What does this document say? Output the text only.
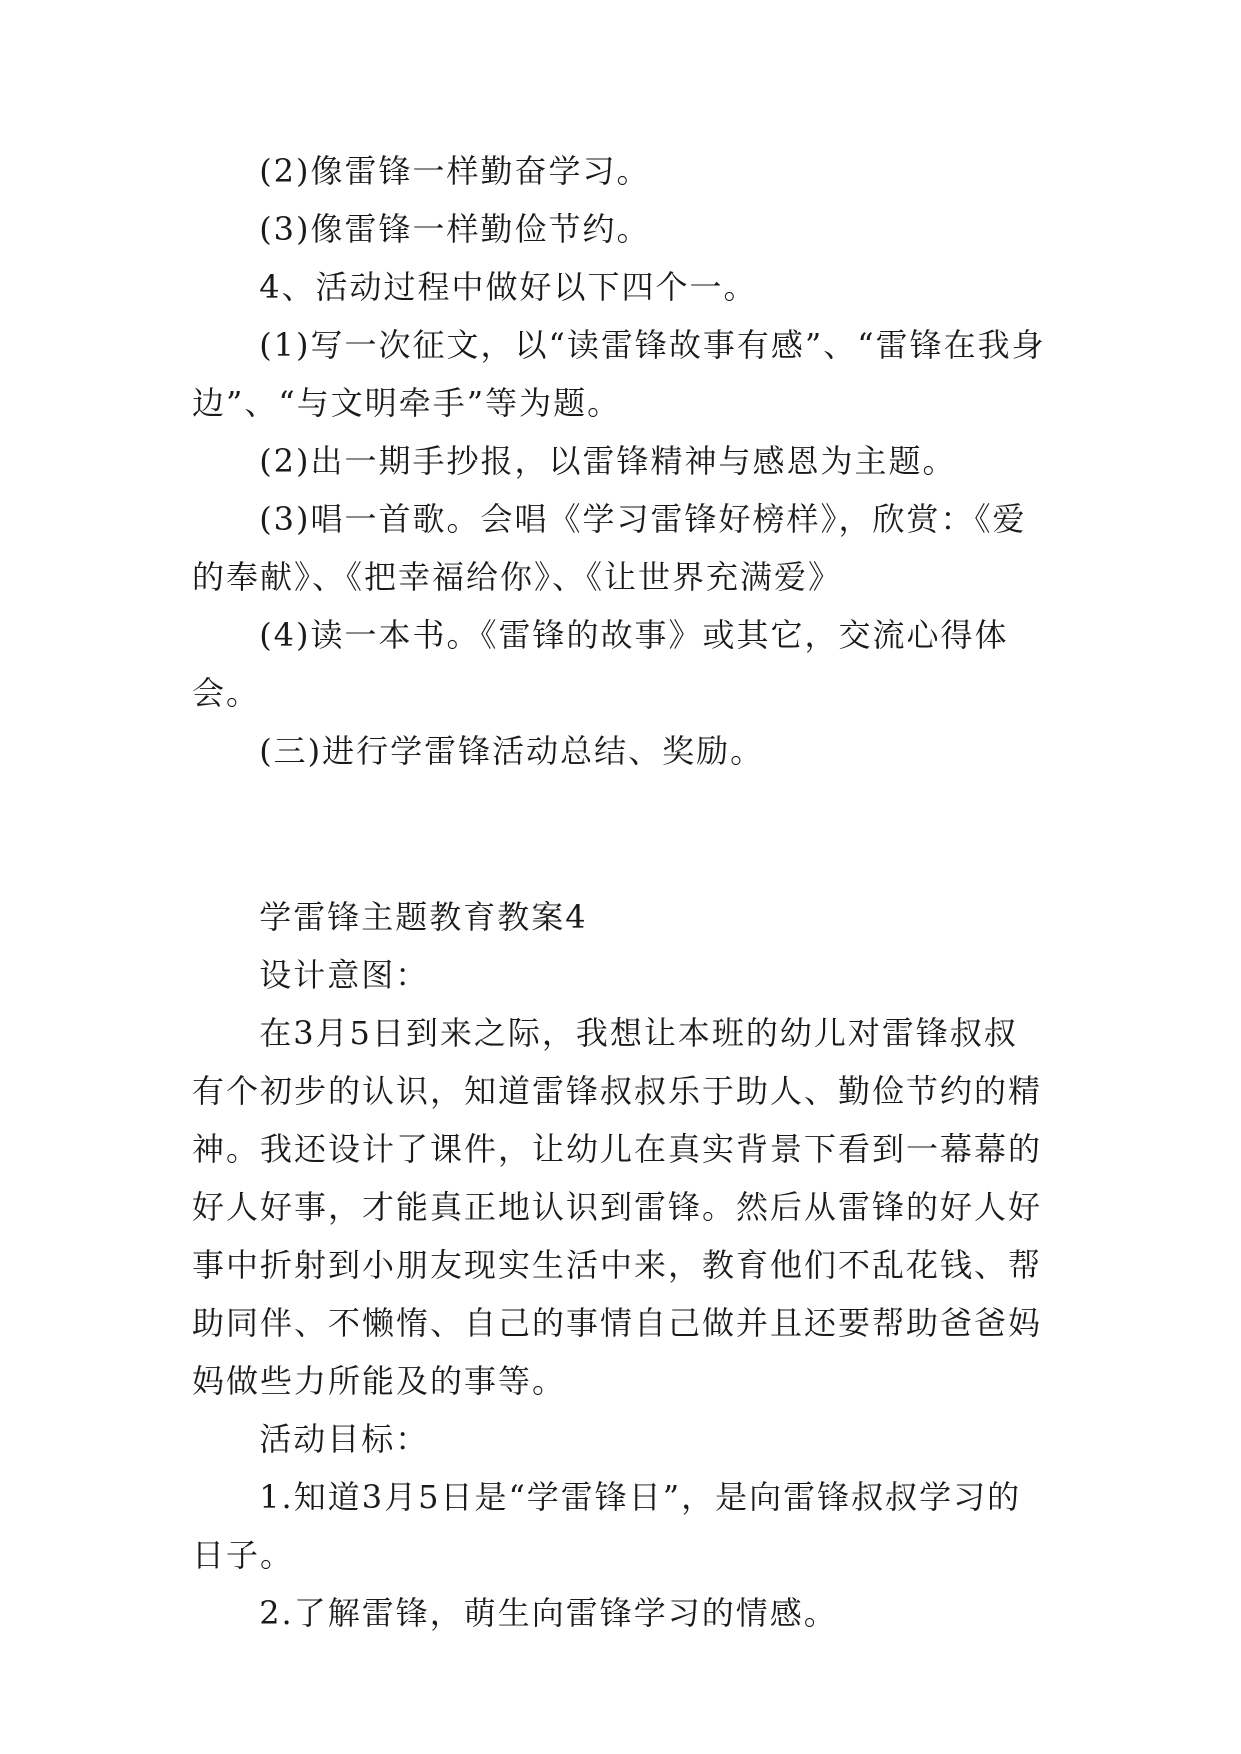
(2)像雷锋一样勤奋学习。

(3)像雷锋一样勤俭节约。

4、活动过程中做好以下四个一。

(1)写一次征文，以“读雷锋故事有感”、“雷锋在我身边”、“与文明牵手”等为题。

(2)出一期手抄报，以雷锋精神与感恩为主题。

(3)唱一首歌。会唱《学习雷锋好榜样》，欣赏：《爱的奉献》、《把幸福给你》、《让世界充满爱》

(4)读一本书。《雷锋的故事》或其它，交流心得体会。

(三)进行学雷锋活动总结、奖励。

学雷锋主题教育教案4

设计意图：

在3月5日到来之际，我想让本班的幼儿对雷锋叔叔有个初步的认识，知道雷锋叔叔乐于助人、勤俭节约的精神。我还设计了课件，让幼儿在真实背景下看到一幕幕的好人好事，才能真正地认识到雷锋。然后从雷锋的好人好事中折射到小朋友现实生活中来，教育他们不乱花钱、帮助同伴、不懒惰、自己的事情自己做并且还要帮助爸爸妈妈做些力所能及的事等。

活动目标：

1.知道3月5日是“学雷锋日”，是向雷锋叔叔学习的日子。

2.了解雷锋，萌生向雷锋学习的情感。
